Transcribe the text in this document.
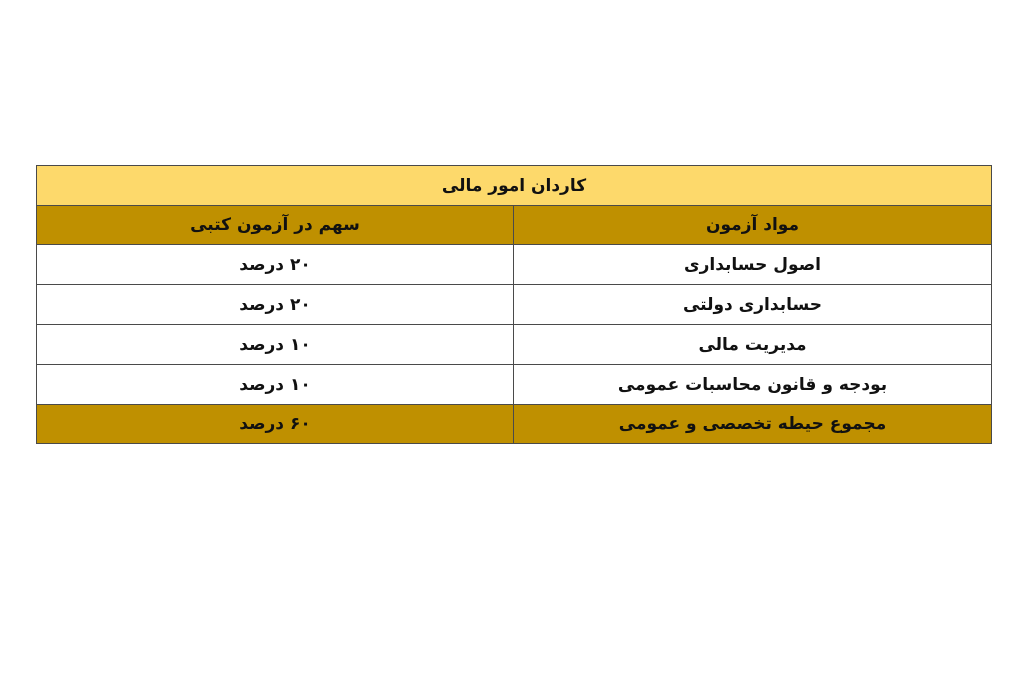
کاردان امور مالی	
مواد آزمون	سهم در آزمون کتبی
اصول حسابداری	۲۰ درصد
حسابداری دولتی	۲۰ درصد
مدیریت مالی	۱۰ درصد
بودجه و قانون محاسبات عمومی	۱۰ درصد
مجموع حیطه تخصصی و عمومی	۶۰ درصد
